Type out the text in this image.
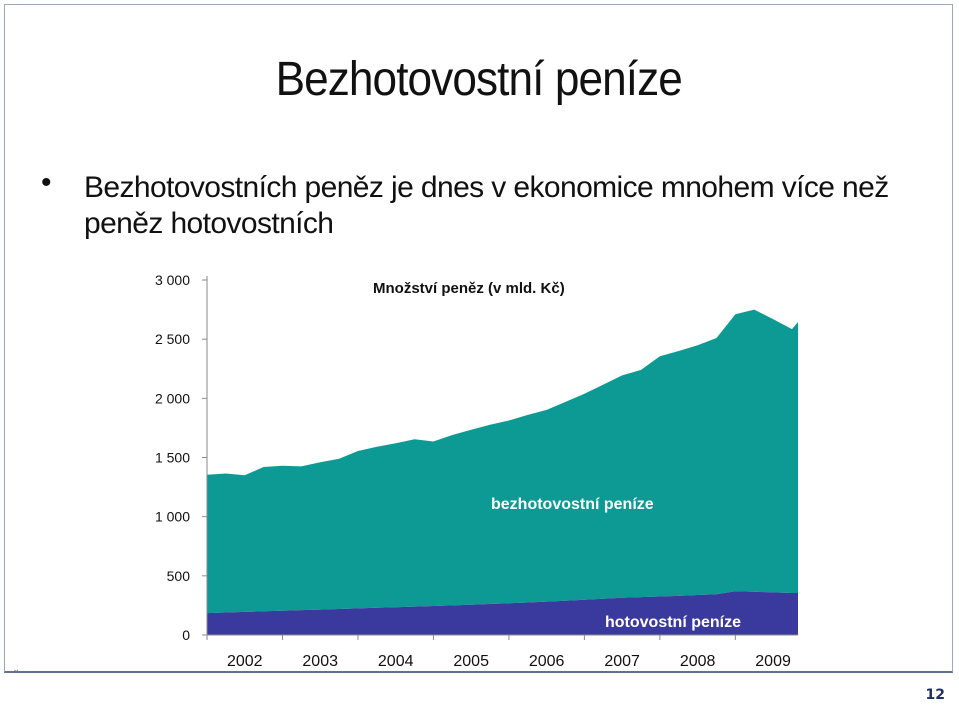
Bezhotovostní peníze
• Bezhotovostních peněz je dnes v ekonomice mnohem více než peněz hotovostních
0
500
1 000
1 500
2 000
2 500
3 000
2002 2003 2004 2005 2006 2007 2008 2009
Množství peněz (v mld. Kč)
bezhotovostní peníze
hotovostní peníze
⌄
12
